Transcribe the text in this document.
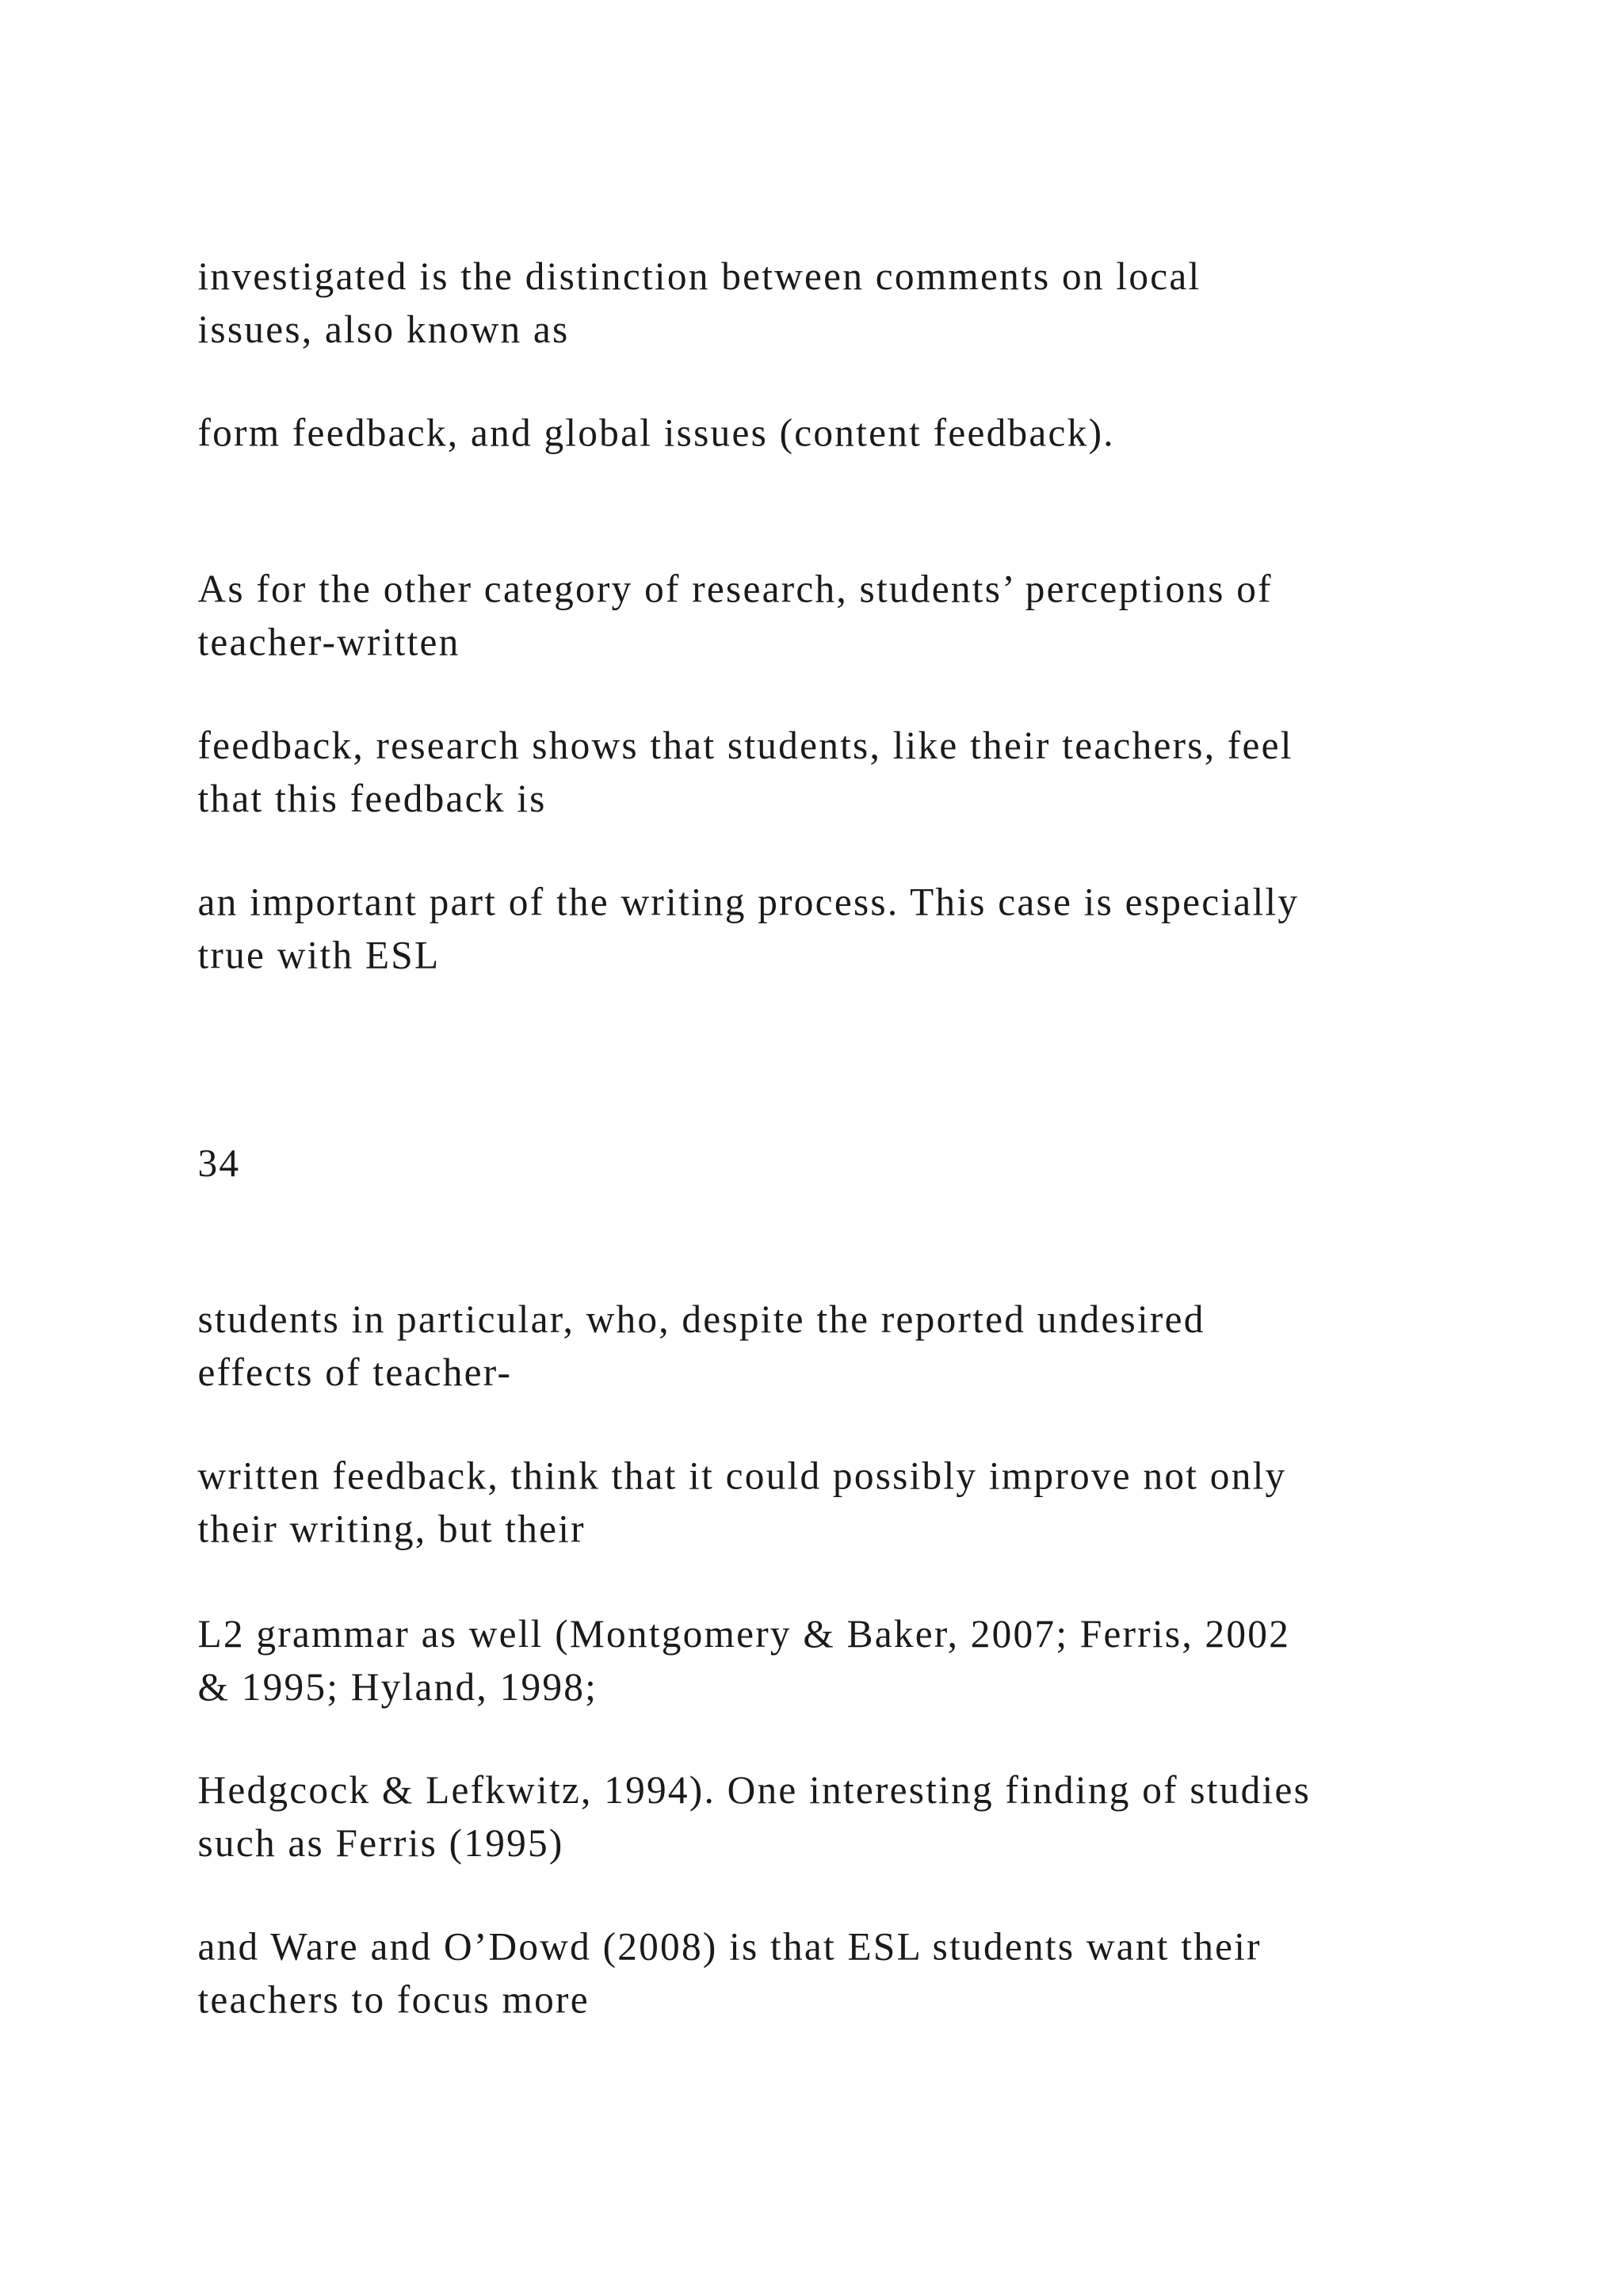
investigated is the distinction between comments on local
issues, also known as
form feedback, and global issues (content feedback).
As for the other category of research, students’ perceptions of
teacher-written
feedback, research shows that students, like their teachers, feel
that this feedback is
an important part of the writing process. This case is especially
true with ESL
34
students in particular, who, despite the reported undesired
effects of teacher-
written feedback, think that it could possibly improve not only
their writing, but their
L2 grammar as well (Montgomery & Baker, 2007; Ferris, 2002
& 1995; Hyland, 1998;
Hedgcock & Lefkwitz, 1994). One interesting finding of studies
such as Ferris (1995)
and Ware and O’Dowd (2008) is that ESL students want their
teachers to focus more
